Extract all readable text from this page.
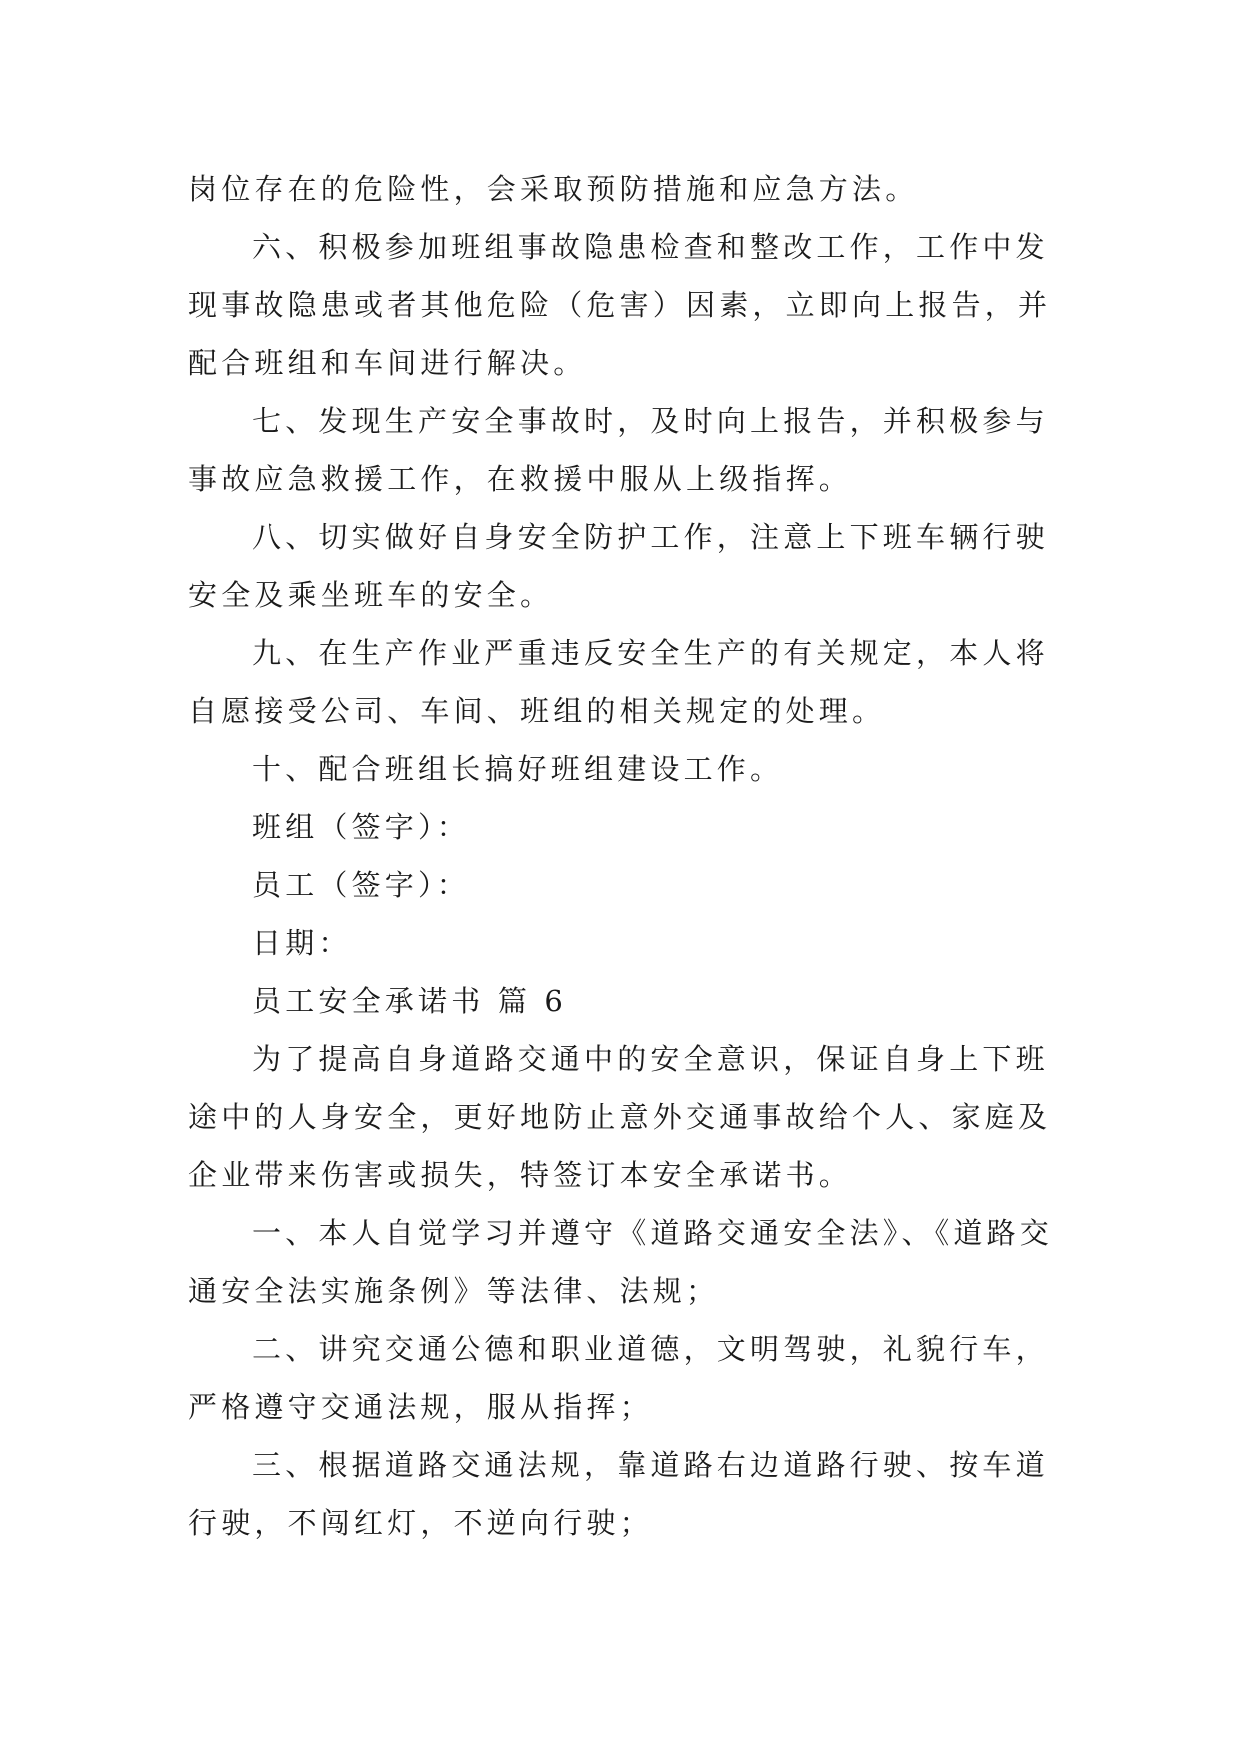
岗位存在的危险性，会采取预防措施和应急方法。
六、积极参加班组事故隐患检查和整改工作，工作中发
现事故隐患或者其他危险（危害）因素，立即向上报告，并
配合班组和车间进行解决。
七、发现生产安全事故时，及时向上报告，并积极参与
事故应急救援工作，在救援中服从上级指挥。
八、切实做好自身安全防护工作，注意上下班车辆行驶
安全及乘坐班车的安全。
九、在生产作业严重违反安全生产的有关规定，本人将
自愿接受公司、车间、班组的相关规定的处理。
十、配合班组长搞好班组建设工作。
班组（签字）：
员工（签字）：
日期：
员工安全承诺书 篇 6
为了提高自身道路交通中的安全意识，保证自身上下班
途中的人身安全，更好地防止意外交通事故给个人、家庭及
企业带来伤害或损失，特签订本安全承诺书。
一、本人自觉学习并遵守《道路交通安全法》、《道路交
通安全法实施条例》等法律、法规；
二、讲究交通公德和职业道德，文明驾驶，礼貌行车，
严格遵守交通法规，服从指挥；
三、根据道路交通法规，靠道路右边道路行驶、按车道
行驶，不闯红灯，不逆向行驶；
